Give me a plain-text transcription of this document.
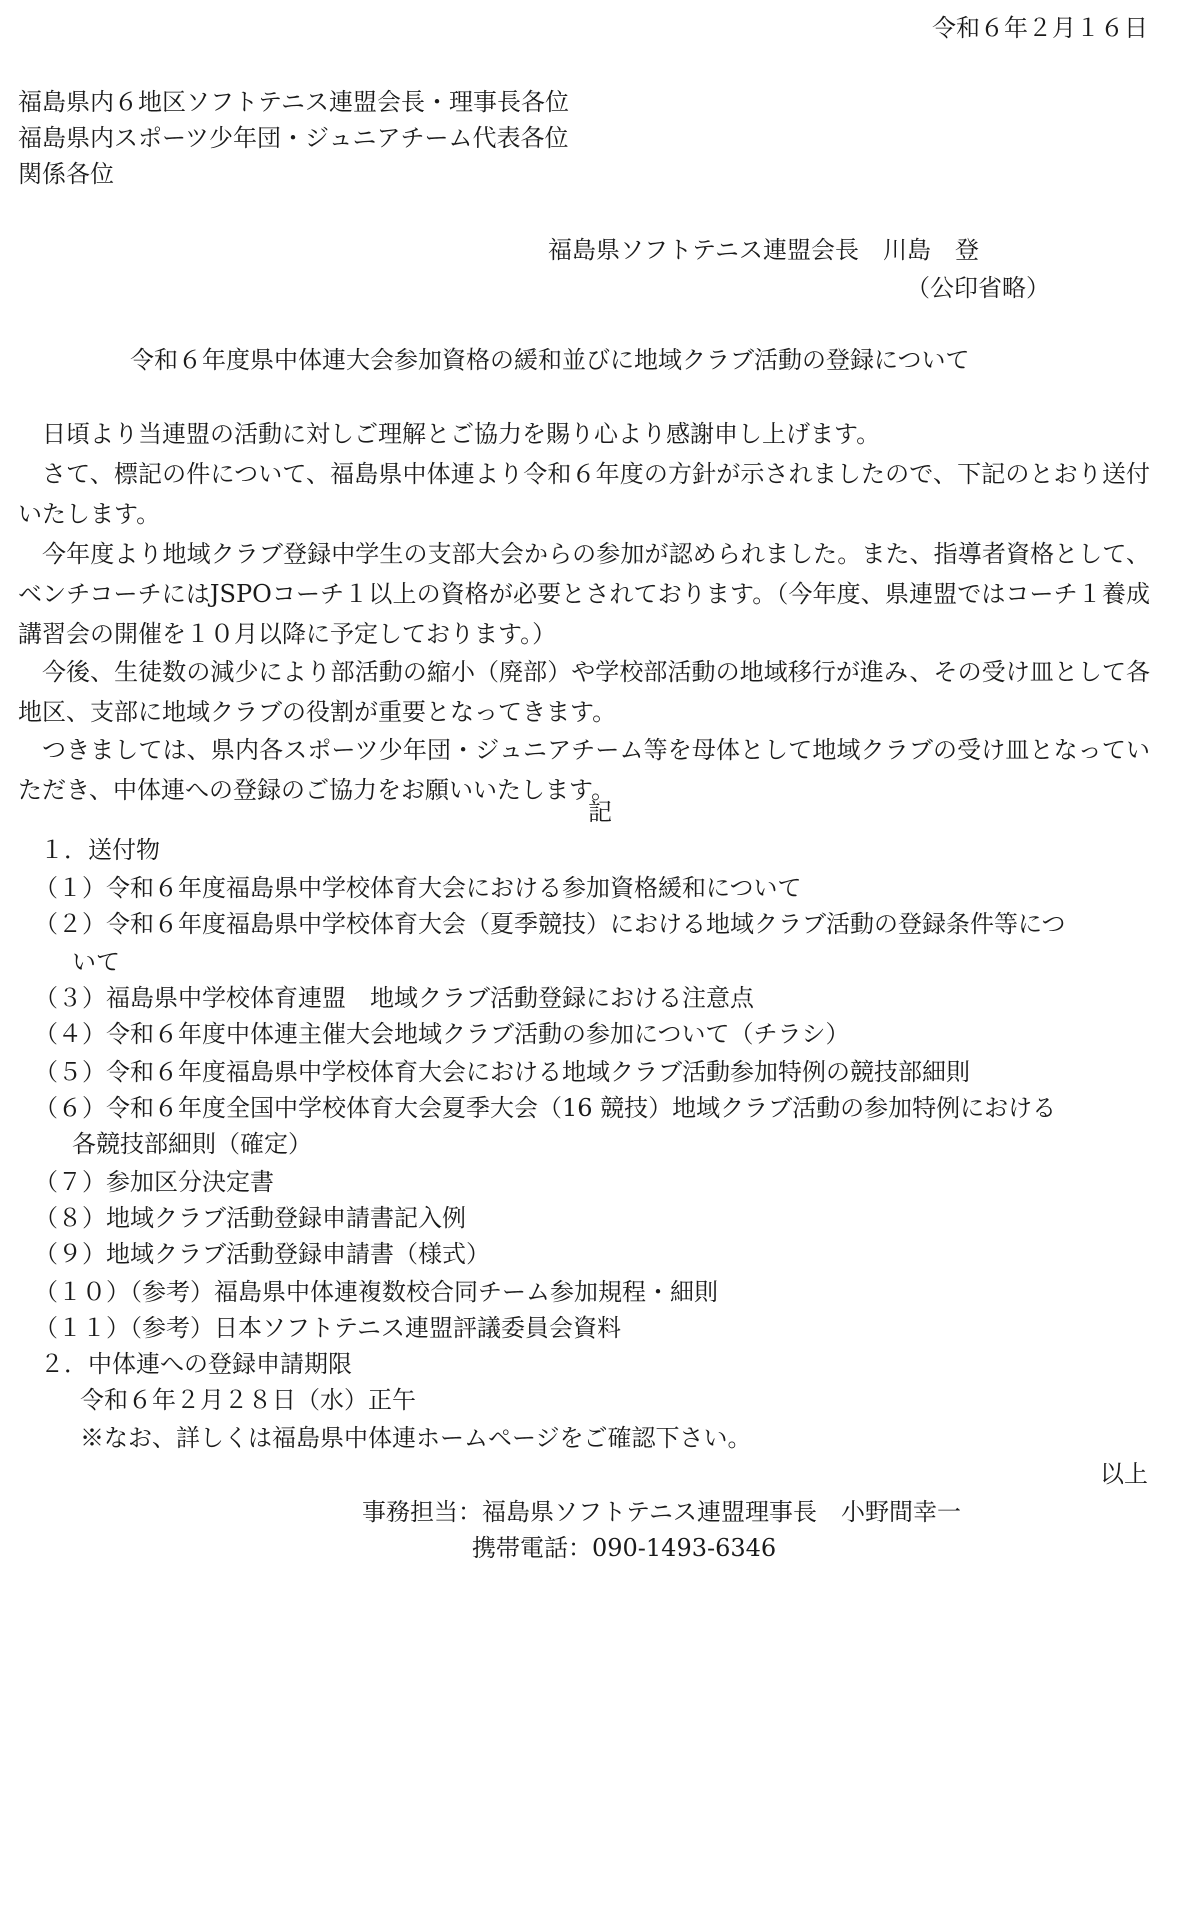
令和６年２月１６日
福島県内６地区ソフトテニス連盟会長・理事長各位
福島県内スポーツ少年団・ジュニアチーム代表各位
関係各位
福島県ソフトテニス連盟会長　川島　登
（公印省略）
令和６年度県中体連大会参加資格の緩和並びに地域クラブ活動の登録について
日頃より当連盟の活動に対しご理解とご協力を賜り心より感謝申し上げます。
さて、標記の件について、福島県中体連より令和６年度の方針が示されましたので、下記のとおり送付いたします。
今年度より地域クラブ登録中学生の支部大会からの参加が認められました。また、指導者資格として、ベンチコーチにはJSPOコーチ１以上の資格が必要とされております。（今年度、県連盟ではコーチ１養成講習会の開催を１０月以降に予定しております。）
今後、生徒数の減少により部活動の縮小（廃部）や学校部活動の地域移行が進み、その受け皿として各地区、支部に地域クラブの役割が重要となってきます。
つきましては、県内各スポーツ少年団・ジュニアチーム等を母体として地域クラブの受け皿となっていただき、中体連への登録のご協力をお願いいたします。
記
１．送付物
（１）令和６年度福島県中学校体育大会における参加資格緩和について
（２）令和６年度福島県中学校体育大会（夏季競技）における地域クラブ活動の登録条件等につ
いて
（３）福島県中学校体育連盟　地域クラブ活動登録における注意点
（４）令和６年度中体連主催大会地域クラブ活動の参加について（チラシ）
（５）令和６年度福島県中学校体育大会における地域クラブ活動参加特例の競技部細則
（６）令和６年度全国中学校体育大会夏季大会（16 競技）地域クラブ活動の参加特例における
各競技部細則（確定）
（７）参加区分決定書
（８）地域クラブ活動登録申請書記入例
（９）地域クラブ活動登録申請書（様式）
（１０）（参考）福島県中体連複数校合同チーム参加規程・細則
（１１）（参考）日本ソフトテニス連盟評議委員会資料
２．中体連への登録申請期限
令和６年２月２８日（水）正午
※なお、詳しくは福島県中体連ホームページをご確認下さい。
以上
事務担当：福島県ソフトテニス連盟理事長　小野間幸一
携帯電話：090-1493-6346
